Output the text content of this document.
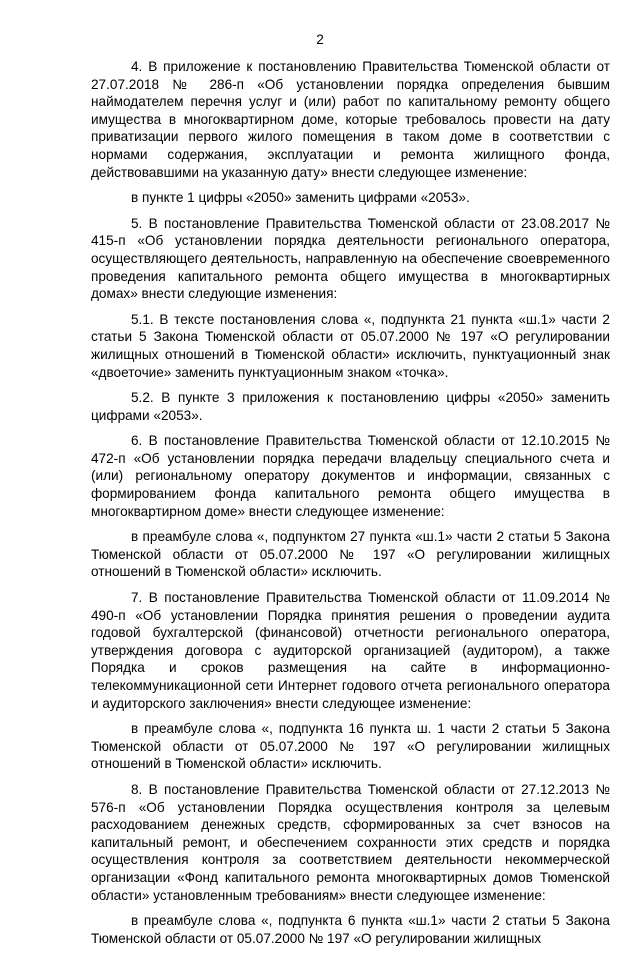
2

4. В приложение к постановлению Правительства Тюменской области от 27.07.2018 № 286-п «Об установлении порядка определения бывшим наймодателем перечня услуг и (или) работ по капитальному ремонту общего имущества в многоквартирном доме, которые требовалось провести на дату приватизации первого жилого помещения в таком доме в соответствии с нормами содержания, эксплуатации и ремонта жилищного фонда, действовавшими на указанную дату» внести следующее изменение:

в пункте 1 цифры «2050» заменить цифрами «2053».

5. В постановление Правительства Тюменской области от 23.08.2017 № 415-п «Об установлении порядка деятельности регионального оператора, осуществляющего деятельность, направленную на обеспечение своевременного проведения капитального ремонта общего имущества в многоквартирных домах» внести следующие изменения:

5.1. В тексте постановления слова «, подпункта 21 пункта «ш.1» части 2 статьи 5 Закона Тюменской области от 05.07.2000 № 197 «О регулировании жилищных отношений в Тюменской области» исключить, пунктуационный знак «двоеточие» заменить пунктуационным знаком «точка».

5.2. В пункте 3 приложения к постановлению цифры «2050» заменить цифрами «2053».

6. В постановление Правительства Тюменской области от 12.10.2015 № 472-п «Об установлении порядка передачи владельцу специального счета и (или) региональному оператору документов и информации, связанных с формированием фонда капитального ремонта общего имущества в многоквартирном доме» внести следующее изменение:

в преамбуле слова «, подпунктом 27 пункта «ш.1» части 2 статьи 5 Закона Тюменской области от 05.07.2000 № 197 «О регулировании жилищных отношений в Тюменской области» исключить.

7. В постановление Правительства Тюменской области от 11.09.2014 № 490-п «Об установлении Порядка принятия решения о проведении аудита годовой бухгалтерской (финансовой) отчетности регионального оператора, утверждения договора с аудиторской организацией (аудитором), а также Порядка и сроков размещения на сайте в информационно-телекоммуникационной сети Интернет годового отчета регионального оператора и аудиторского заключения» внести следующее изменение:

в преамбуле слова «, подпункта 16 пункта ш. 1 части 2 статьи 5 Закона Тюменской области от 05.07.2000 № 197 «О регулировании жилищных отношений в Тюменской области» исключить.

8. В постановление Правительства Тюменской области от 27.12.2013 № 576-п «Об установлении Порядка осуществления контроля за целевым расходованием денежных средств, сформированных за счет взносов на капитальный ремонт, и обеспечением сохранности этих средств и порядка осуществления контроля за соответствием деятельности некоммерческой организации «Фонд капитального ремонта многоквартирных домов Тюменской области» установленным требованиям» внести следующее изменение:

в преамбуле слова «, подпункта 6 пункта «ш.1» части 2 статьи 5 Закона Тюменской области от 05.07.2000 № 197 «О регулировании жилищных
